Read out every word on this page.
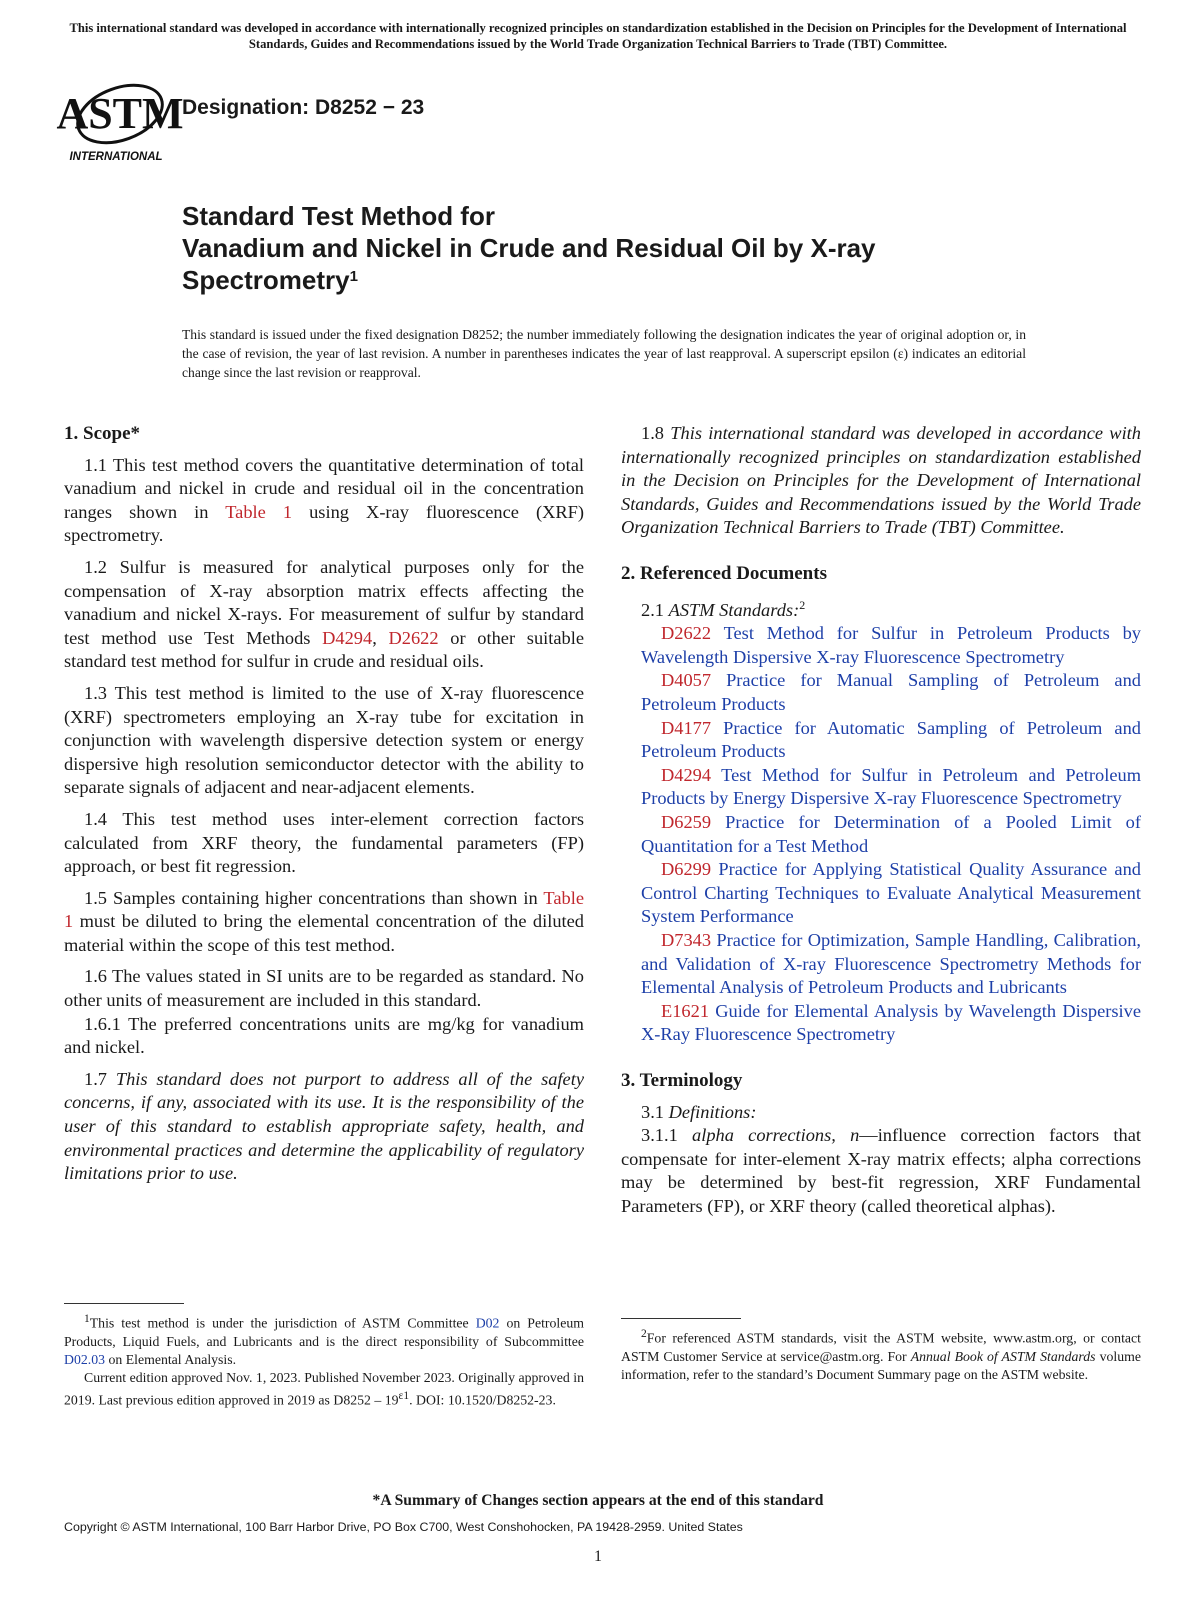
This international standard was developed in accordance with internationally recognized principles on standardization established in the Decision on Principles for the Development of International Standards, Guides and Recommendations issued by the World Trade Organization Technical Barriers to Trade (TBT) Committee.
ASTM
INTERNATIONAL
Designation: D8252 − 23
Standard Test Method for
Vanadium and Nickel in Crude and Residual Oil by X-ray
Spectrometry$^1$
This standard is issued under the fixed designation D8252; the number immediately following the designation indicates the year of original adoption or, in the case of revision, the year of last revision. A number in parentheses indicates the year of last reapproval. A superscript epsilon (ε) indicates an editorial change since the last revision or reapproval.
1. Scope*

1.1 This test method covers the quantitative determination of total vanadium and nickel in crude and residual oil in the concentration ranges shown in Table 1 using X-ray fluorescence (XRF) spectrometry.

1.2 Sulfur is measured for analytical purposes only for the compensation of X-ray absorption matrix effects affecting the vanadium and nickel X-rays. For measurement of sulfur by standard test method use Test Methods D4294, D2622 or other suitable standard test method for sulfur in crude and residual oils.

1.3 This test method is limited to the use of X-ray fluorescence (XRF) spectrometers employing an X-ray tube for excitation in conjunction with wavelength dispersive detection system or energy dispersive high resolution semiconductor detector with the ability to separate signals of adjacent and near-adjacent elements.

1.4 This test method uses inter-element correction factors calculated from XRF theory, the fundamental parameters (FP) approach, or best fit regression.

1.5 Samples containing higher concentrations than shown in Table 1 must be diluted to bring the elemental concentration of the diluted material within the scope of this test method.

1.6 The values stated in SI units are to be regarded as standard. No other units of measurement are included in this standard.

1.6.1 The preferred concentrations units are mg/kg for vanadium and nickel.

1.7 This standard does not purport to address all of the safety concerns, if any, associated with its use. It is the responsibility of the user of this standard to establish appropriate safety, health, and environmental practices and determine the applicability of regulatory limitations prior to use.

$^1$This test method is under the jurisdiction of ASTM Committee D02 on Petroleum Products, Liquid Fuels, and Lubricants and is the direct responsibility of Subcommittee D02.03 on Elemental Analysis.

Current edition approved Nov. 1, 2023. Published November 2023. Originally approved in 2019. Last previous edition approved in 2019 as $D8252 - 19^{\varepsilon 1}$. DOI: 10.1520/D8252-23.

1.8 This international standard was developed in accordance with internationally recognized principles on standardization established in the Decision on Principles for the Development of International Standards, Guides and Recommendations issued by the World Trade Organization Technical Barriers to Trade (TBT) Committee.

2. Referenced Documents

2.1 ASTM Standards:$^2$

D2622 Test Method for Sulfur in Petroleum Products by Wavelength Dispersive X-ray Fluorescence Spectrometry

D4057 Practice for Manual Sampling of Petroleum and Petroleum Products

D4177 Practice for Automatic Sampling of Petroleum and Petroleum Products

D4294 Test Method for Sulfur in Petroleum and Petroleum Products by Energy Dispersive X-ray Fluorescence Spectrometry

D6259 Practice for Determination of a Pooled Limit of Quantitation for a Test Method

D6299 Practice for Applying Statistical Quality Assurance and Control Charting Techniques to Evaluate Analytical Measurement System Performance

D7343 Practice for Optimization, Sample Handling, Calibration, and Validation of X-ray Fluorescence Spectrometry Methods for Elemental Analysis of Petroleum Products and Lubricants

E1621 Guide for Elemental Analysis by Wavelength Dispersive X-Ray Fluorescence Spectrometry

3. Terminology

3.1 Definitions:

3.1.1 alpha corrections, n—influence correction factors that compensate for inter-element X-ray matrix effects; alpha corrections may be determined by best-fit regression, XRF Fundamental Parameters (FP), or XRF theory (called theoretical alphas).

$^2$For referenced ASTM standards, visit the ASTM website, www.astm.org, or contact ASTM Customer Service at service@astm.org. For Annual Book of ASTM Standards volume information, refer to the standard’s Document Summary page on the ASTM website.

*A Summary of Changes section appears at the end of this standard
Copyright © ASTM International, 100 Barr Harbor Drive, PO Box C700, West Conshohocken, PA 19428-2959. United States
1
